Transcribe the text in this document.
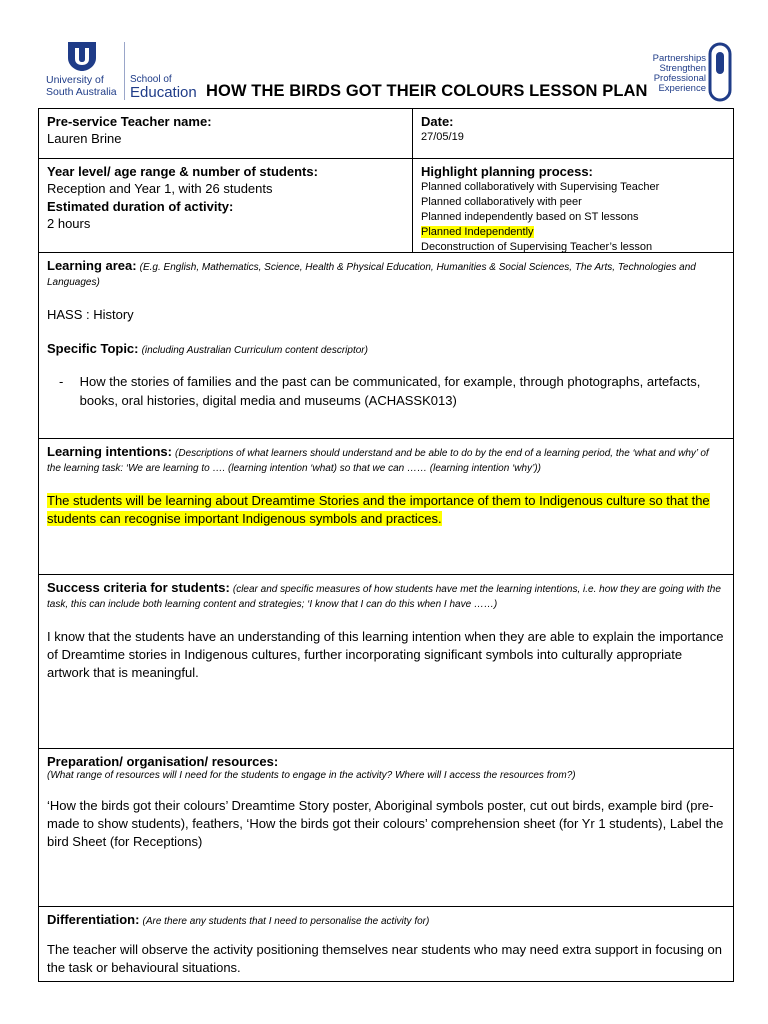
University of
South Australia
School of
Education HOW THE BIRDS GOT THEIR COLOURS LESSON PLAN
Partnerships
Strengthen
Professional
Experience
Pre-service Teacher name:
Lauren Brine
Date:
27/05/19
Year level/ age range & number of students:
Reception and Year 1, with 26 students
Estimated duration of activity:
2 hours
Highlight planning process:
Planned collaboratively with Supervising Teacher
Planned collaboratively with peer
Planned independently based on ST lessons
Planned Independently
Deconstruction of Supervising Teacher’s lesson
Learning area: (E.g. English, Mathematics, Science, Health & Physical Education, Humanities & Social Sciences, The Arts, Technologies and Languages)
HASS : History
Specific Topic: (including Australian Curriculum content descriptor)
-	How the stories of families and the past can be communicated, for example, through photographs, artefacts, books, oral histories, digital media and museums (ACHASSK013)
Learning intentions: (Descriptions of what learners should understand and be able to do by the end of a learning period, the ‘what and why’ of the learning task: ‘We are learning to …. (learning intention ‘what) so that we can …… (learning intention ‘why’))
The students will be learning about Dreamtime Stories and the importance of them to Indigenous culture so that the students can recognise important Indigenous symbols and practices.
Success criteria for students: (clear and specific measures of how students have met the learning intentions, i.e. how they are going with the task, this can include both learning content and strategies; ‘I know that I can do this when I have ……)
I know that the students have an understanding of this learning intention when they are able to explain the importance of Dreamtime stories in Indigenous cultures, further incorporating significant symbols into culturally appropriate artwork that is meaningful.
Preparation/ organisation/ resources:
(What range of resources will I need for the students to engage in the activity? Where will I access the resources from?)
‘How the birds got their colours’ Dreamtime Story poster, Aboriginal symbols poster, cut out birds, example bird (pre-made to show students), feathers, ‘How the birds got their colours’ comprehension sheet (for Yr 1 students), Label the bird Sheet (for Receptions)
Differentiation: (Are there any students that I need to personalise the activity for)
The teacher will observe the activity positioning themselves near students who may need extra support in focusing on the task or behavioural situations.
